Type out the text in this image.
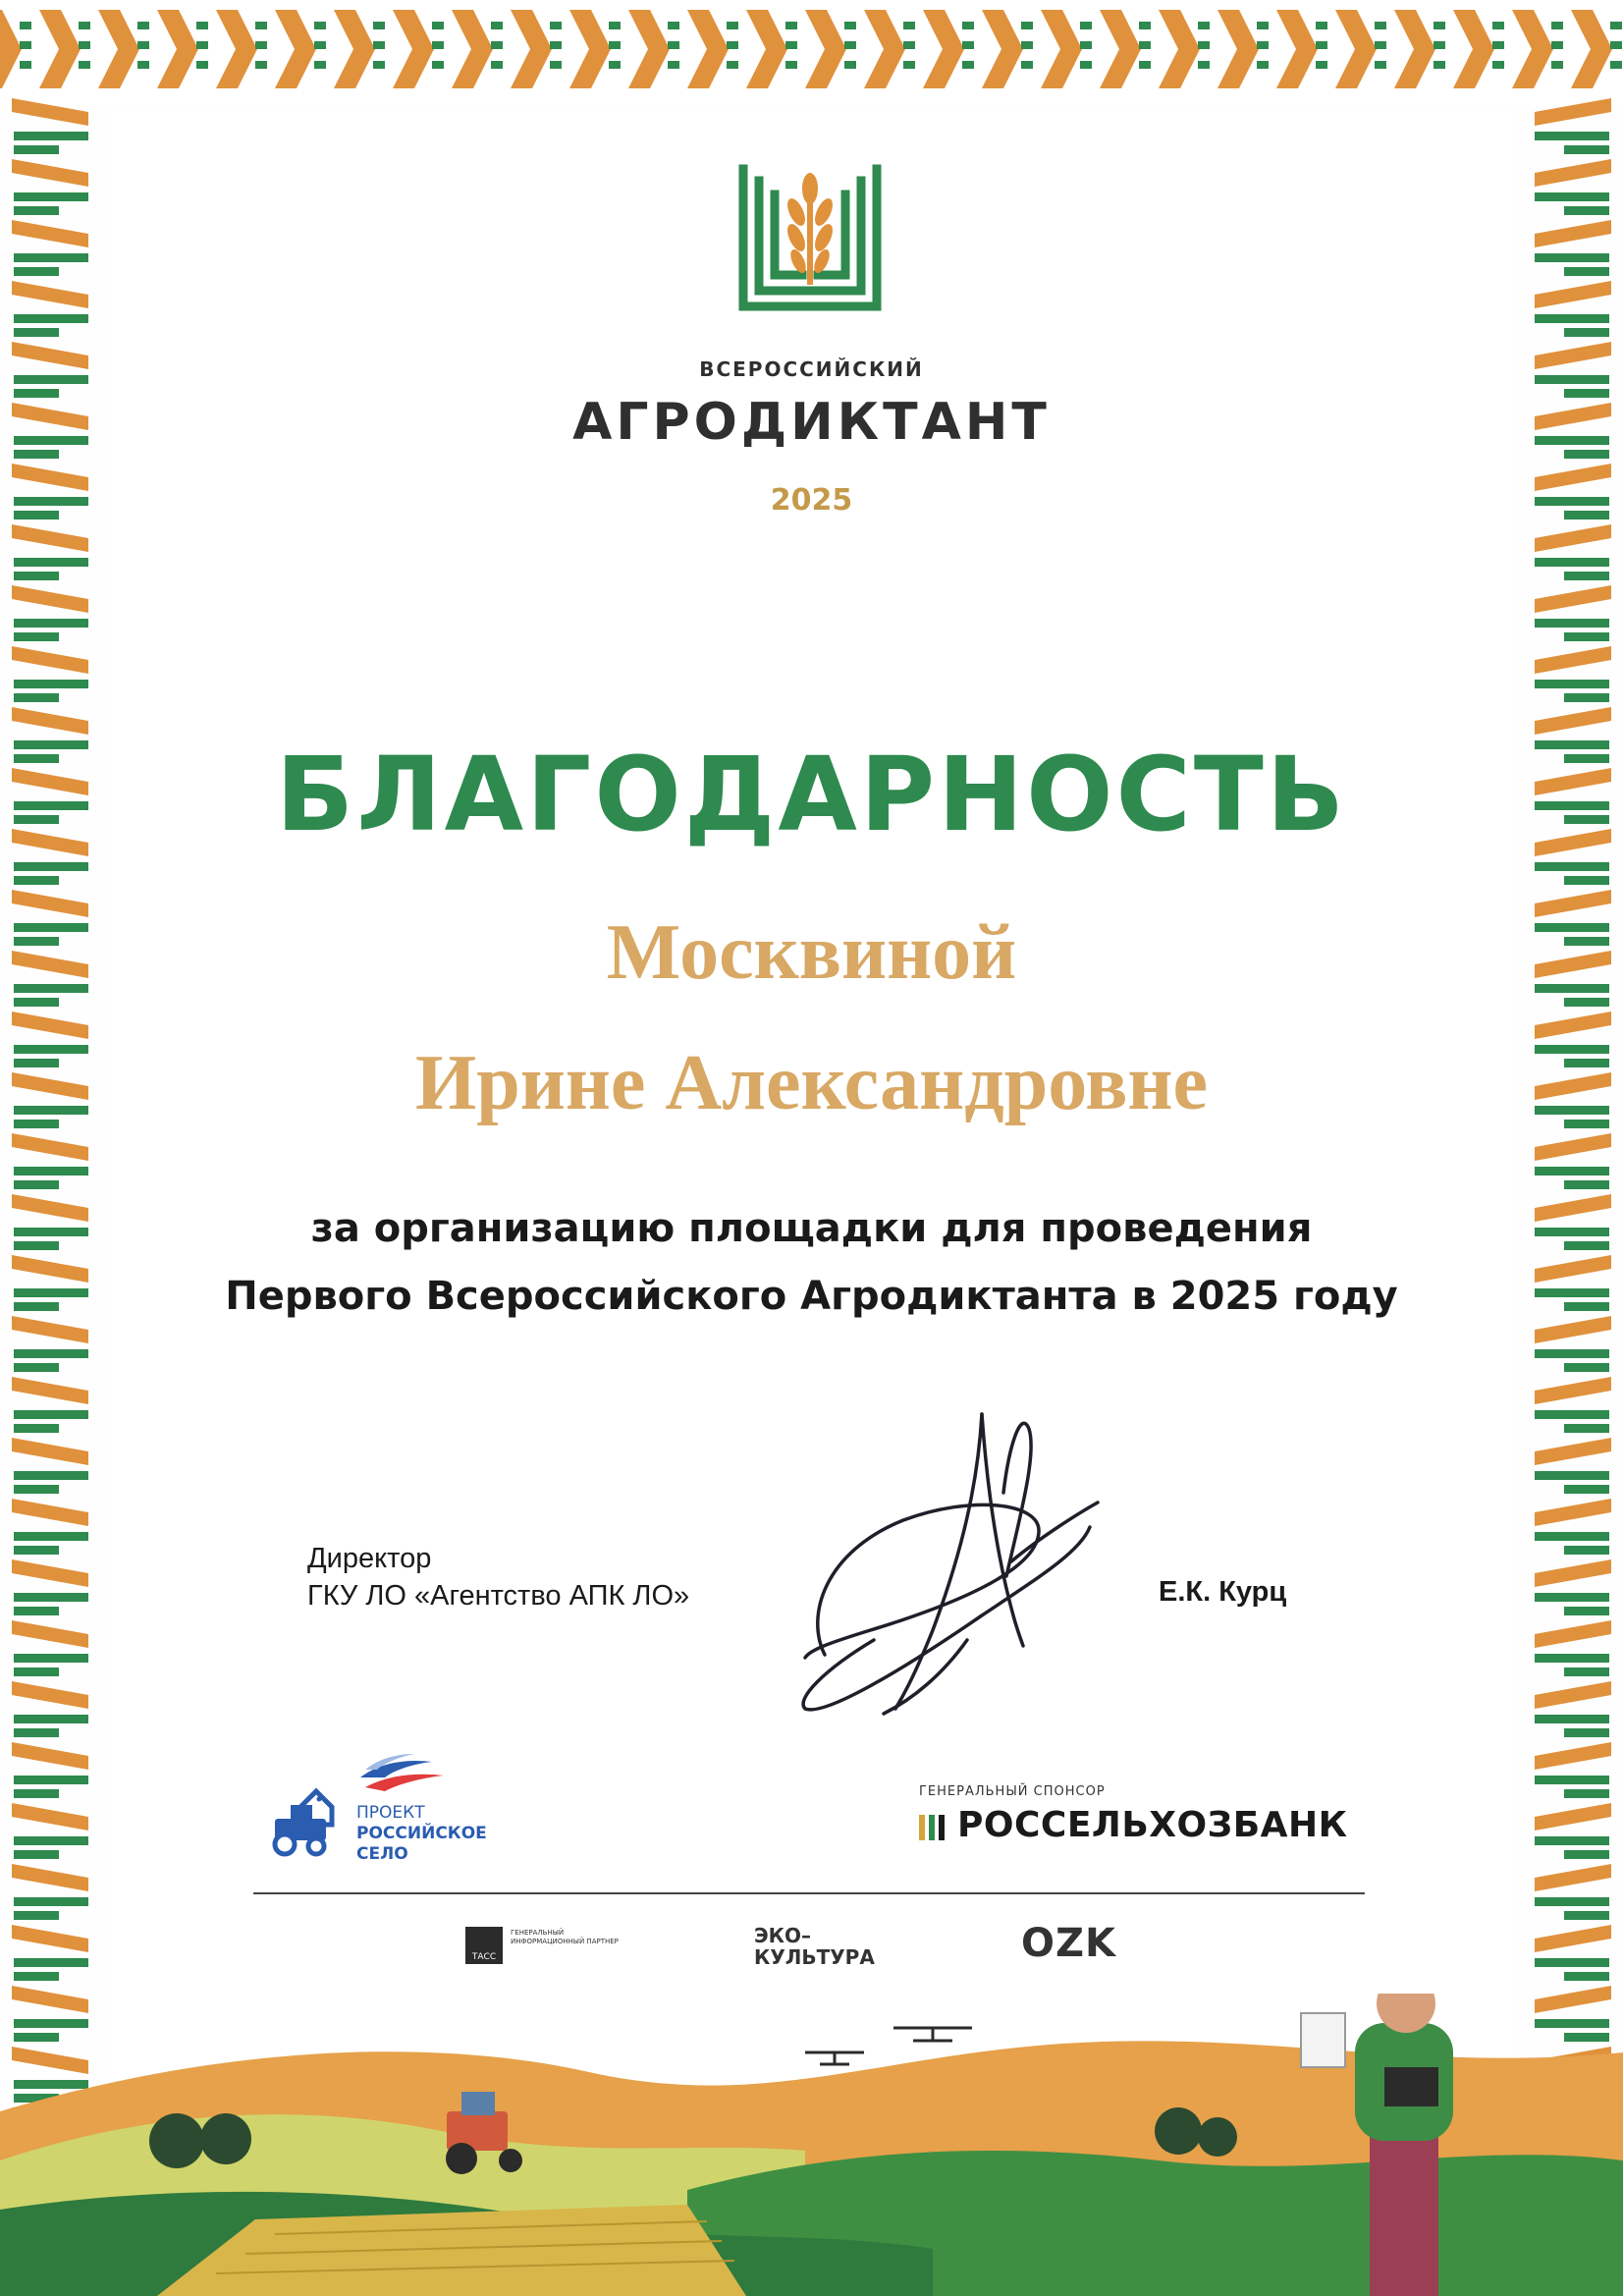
ВСЕРОССИЙСКИЙ
АГРОДИКТАНТ
2025
БЛАГОДАРНОСТЬ
Москвиной
Ирине Александровне
за организацию площадки для проведения
Первого Всероссийского Агродиктанта в 2025 году
Директор
ГКУ ЛО «Агентство АПК ЛО»	Е.К. Курц
ПРОЕКТ
РОССИЙСКОЕ
СЕЛО
ГЕНЕРАЛЬНЫЙ СПОНСОР
РОССЕЛЬХОЗБАНК
ТАСС
ГЕНЕРАЛЬНЫЙ ИНФОРМАЦИОННЫЙ ПАРТНЕР	ЭКО–
КУЛЬТУРА	OZK
